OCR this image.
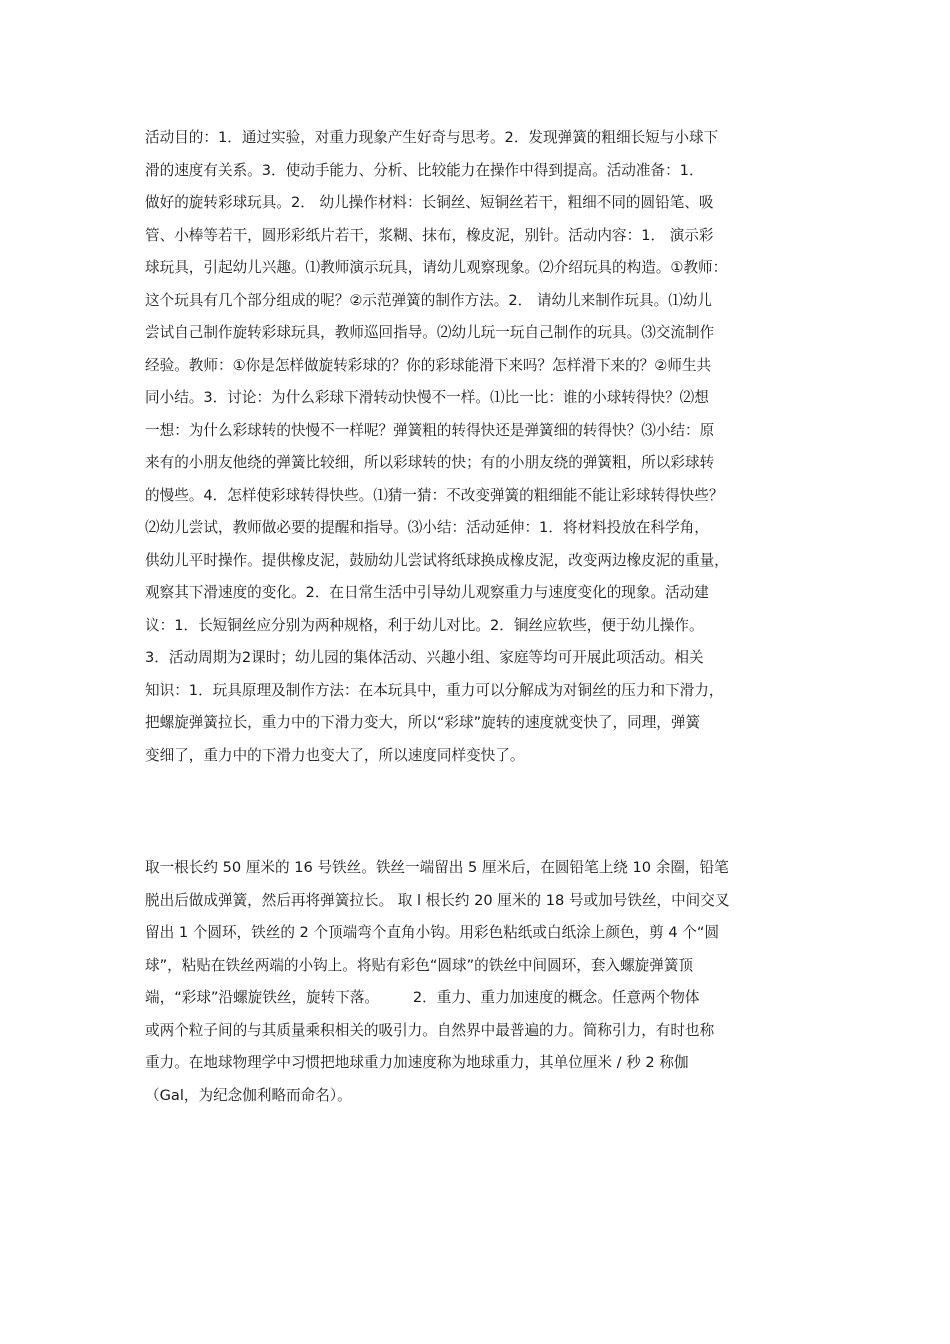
活动目的：1．通过实验，对重力现象产生好奇与思考。2．发现弹簧的粗细长短与小球下
滑的速度有关系。3．使动手能力、分析、比较能力在操作中得到提高。活动准备：1．
做好的旋转彩球玩具。2． 幼儿操作材料：长铜丝、短铜丝若干，粗细不同的圆铅笔、吸
管、小棒等若干，圆形彩纸片若干，浆糊、抹布，橡皮泥，别针。活动内容：1． 演示彩
球玩具，引起幼儿兴趣。⑴教师演示玩具，请幼儿观察现象。⑵介绍玩具的构造。①教师：
这个玩具有几个部分组成的呢？②示范弹簧的制作方法。2． 请幼儿来制作玩具。⑴幼儿
尝试自己制作旋转彩球玩具，教师巡回指导。⑵幼儿玩一玩自己制作的玩具。⑶交流制作
经验。教师：①你是怎样做旋转彩球的？你的彩球能滑下来吗？怎样滑下来的？②师生共
同小结。3．讨论：为什么彩球下滑转动快慢不一样。⑴比一比：谁的小球转得快？⑵想
一想：为什么彩球转的快慢不一样呢？弹簧粗的转得快还是弹簧细的转得快？⑶小结：原
来有的小朋友他绕的弹簧比较细，所以彩球转的快；有的小朋友绕的弹簧粗，所以彩球转
的慢些。4．怎样使彩球转得快些。⑴猜一猜：不改变弹簧的粗细能不能让彩球转得快些？
⑵幼儿尝试，教师做必要的提醒和指导。⑶小结：活动延伸：1．将材料投放在科学角，
供幼儿平时操作。提供橡皮泥，鼓励幼儿尝试将纸球换成橡皮泥，改变两边橡皮泥的重量，
观察其下滑速度的变化。2．在日常生活中引导幼儿观察重力与速度变化的现象。活动建
议：1．长短铜丝应分别为两种规格，利于幼儿对比。2．铜丝应软些，便于幼儿操作。
3．活动周期为2课时；幼儿园的集体活动、兴趣小组、家庭等均可开展此项活动。相关
知识：1．玩具原理及制作方法：在本玩具中，重力可以分解成为对铜丝的压力和下滑力，
把螺旋弹簧拉长，重力中的下滑力变大，所以“彩球”旋转的速度就变快了，同理，弹簧
变细了，重力中的下滑力也变大了，所以速度同样变快了。
取一根长约 50 厘米的 16 号铁丝。铁丝一端留出 5 厘米后，在圆铅笔上绕 10 余圈，铅笔
脱出后做成弹簧，然后再将弹簧拉长。 取 l 根长约 20 厘米的 18 号或加号铁丝，中间交叉
留出 1 个圆环，铁丝的 2 个顶端弯个直角小钩。用彩色粘纸或白纸涂上颜色，剪 4 个“圆
球”，粘贴在铁丝两端的小钩上。将贴有彩色“圆球”的铁丝中间圆环，套入螺旋弹簧顶
端，“彩球”沿螺旋铁丝，旋转下落。 　　2．重力、重力加速度的概念。任意两个物体
或两个粒子间的与其质量乘积相关的吸引力。自然界中最普遍的力。简称引力，有时也称
重力。在地球物理学中习惯把地球重力加速度称为地球重力，其单位厘米 / 秒 2 称伽
（Gal，为纪念伽利略而命名）。
